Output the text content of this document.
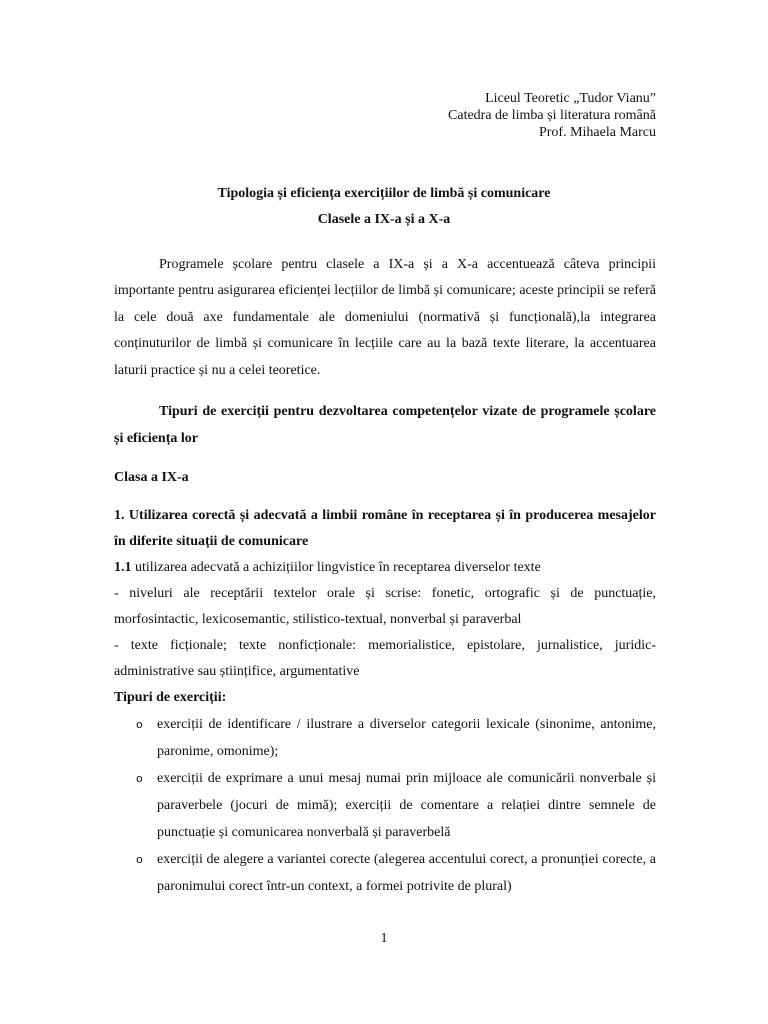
Liceul Teoretic „Tudor Vianu”
Catedra de limba și literatura română
Prof. Mihaela Marcu
Tipologia și eficiența exercițiilor de limbă și comunicare
Clasele a IX-a și a X-a
Programele școlare pentru clasele a IX-a și a X-a accentuează câteva principii importante pentru asigurarea eficienței lecțiilor de limbă și comunicare; aceste principii se referă la cele două axe fundamentale ale domeniului (normativă și funcțională),la integrarea conținuturilor de limbă și comunicare în lecțiile care au la bază texte literare, la accentuarea laturii practice și nu a celei teoretice.
Tipuri de exerciții pentru dezvoltarea competențelor vizate de programele școlare și eficiența lor
Clasa a IX-a
1. Utilizarea corectă și adecvată a limbii române în receptarea și în producerea mesajelor în diferite situații de comunicare

1.1 utilizarea adecvată a achizițiilor lingvistice în receptarea diverselor texte

- niveluri ale receptării textelor orale și scrise: fonetic, ortografic și de punctuație, morfosintactic, lexicosemantic, stilistico-textual, nonverbal și paraverbal

- texte ficționale; texte nonficționale: memorialistice, epistolare, jurnalistice, juridic-administrative sau științifice, argumentative

Tipuri de exerciții:

o exerciții de identificare / ilustrare a diverselor categorii lexicale (sinonime, antonime, paronime, omonime);
o exerciții de exprimare a unui mesaj numai prin mijloace ale comunicării nonverbale și paraverbele (jocuri de mimă); exerciții de comentare a relației dintre semnele de punctuație și comunicarea nonverbală și paraverbelă
o exerciții de alegere a variantei corecte (alegerea accentului corect, a pronunției corecte, a paronimului corect într-un context, a formei potrivite de plural)
1
